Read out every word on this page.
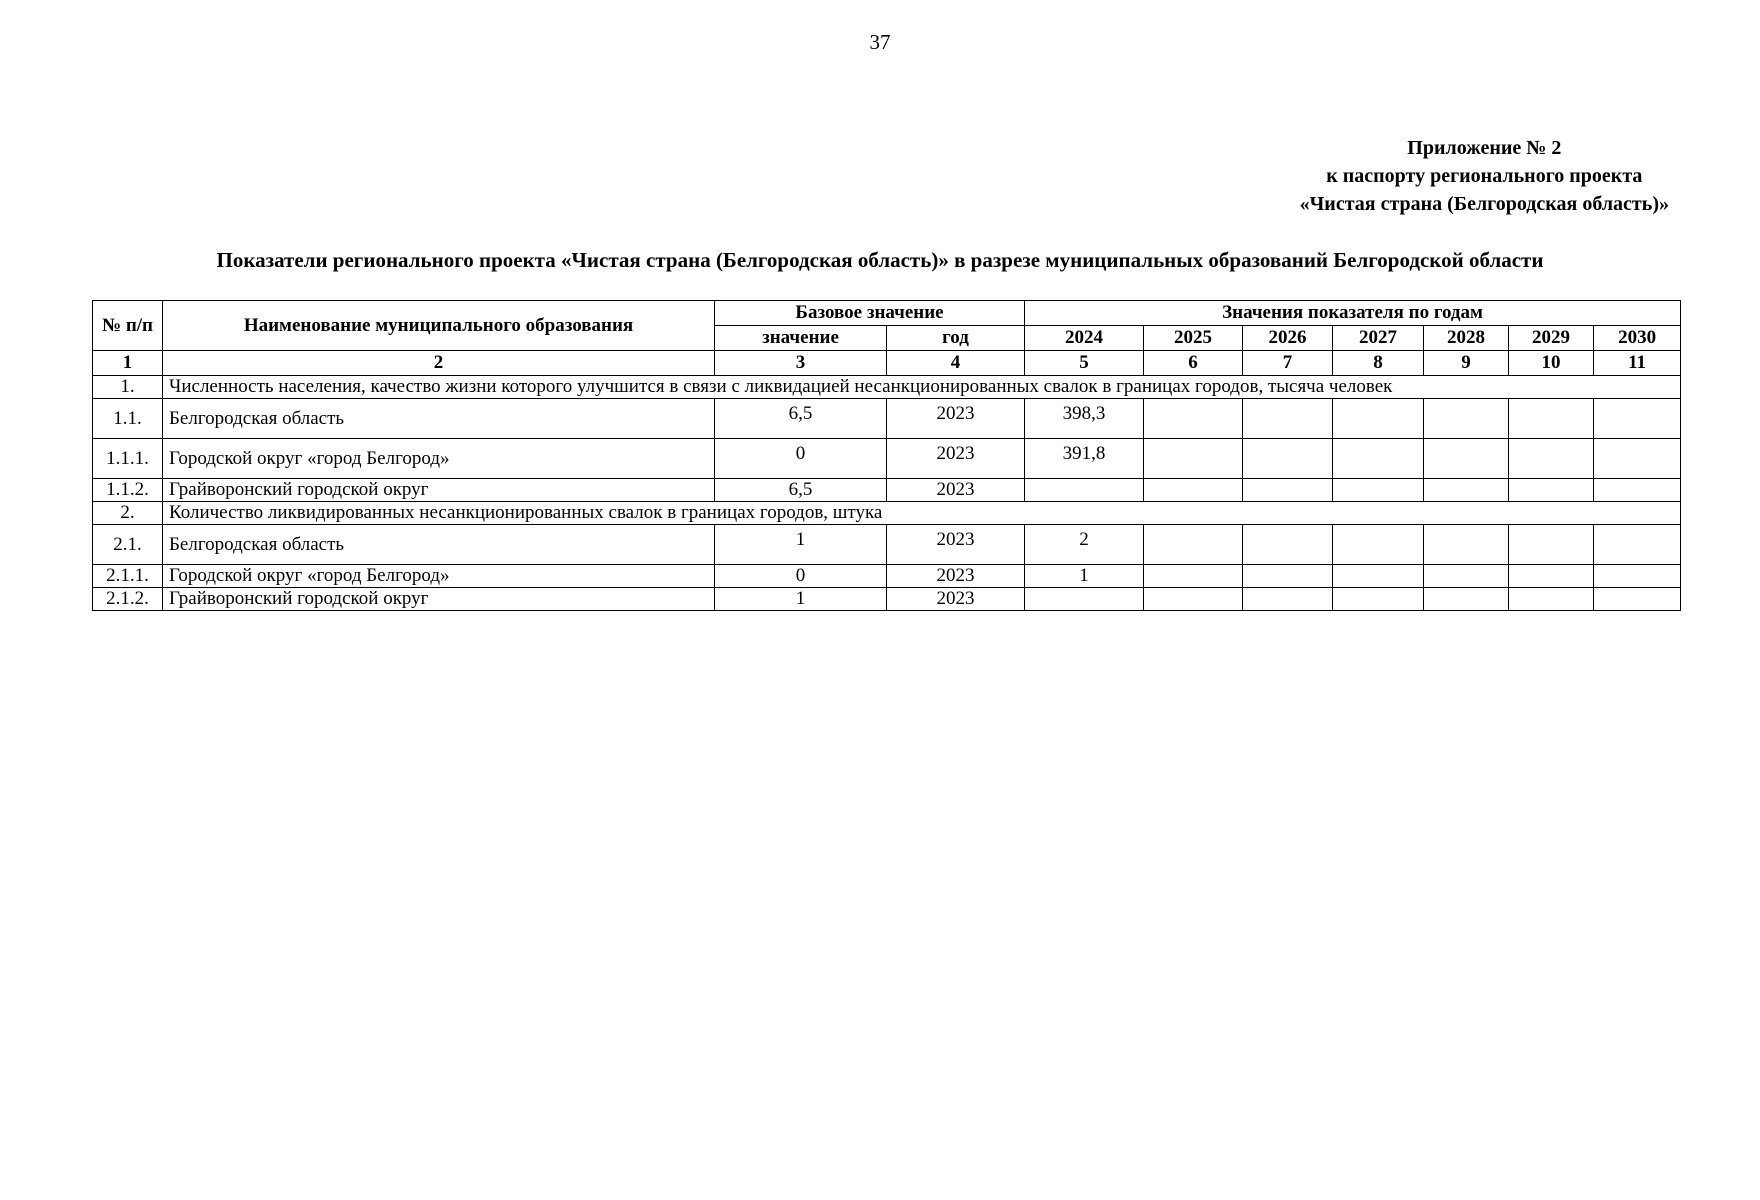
37
Приложение № 2
к паспорту регионального проекта
«Чистая страна (Белгородская область)»
Показатели регионального проекта «Чистая страна (Белгородская область)» в разрезе муниципальных образований Белгородской области
№ п/п	Наименование муниципального образования	Базовое значение		Значения показателя по годам						
		значение	год	2024	2025	2026	2027	2028	2029	2030
1	2	3	4	5	6	7	8	9	10	11
1.	Численность населения, качество жизни которого улучшится в связи с ликвидацией несанкционированных свалок в границах городов, тысяча человек									
1.1.	Белгородская область	6,5	2023	398,3						
1.1.1.	Городской округ «город Белгород»	0	2023	391,8						
1.1.2.	Грайворонский городской округ	6,5	2023							
2.	Количество ликвидированных несанкционированных свалок в границах городов, штука									
2.1.	Белгородская область	1	2023	2						
2.1.1.	Городской округ «город Белгород»	0	2023	1						
2.1.2.	Грайворонский городской округ	1	2023							
